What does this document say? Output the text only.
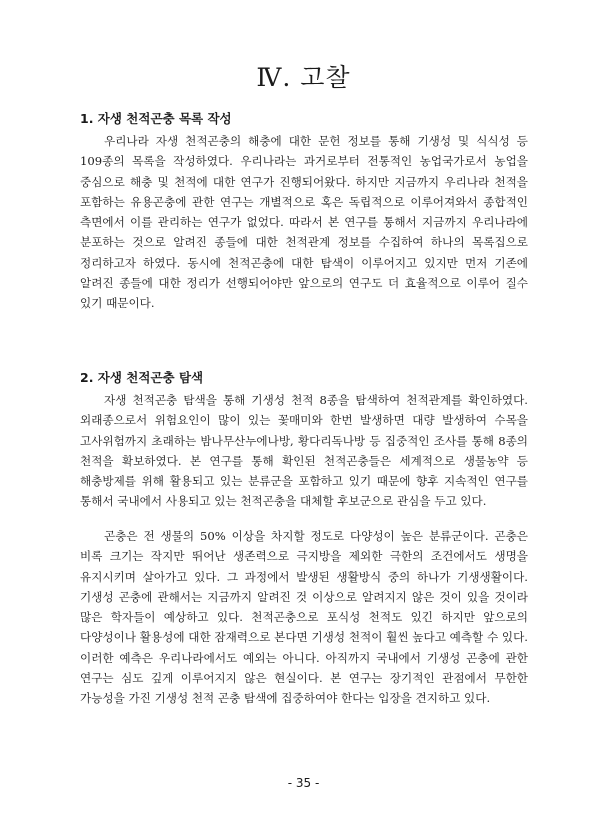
Ⅳ. 고찰
1. 자생 천적곤충 목록 작성
우리나라 자생 천적곤충의 해충에 대한 문헌 정보를 통해 기생성 및 식식성 등 109종의 목록을 작성하였다. 우리나라는 과거로부터 전통적인 농업국가로서 농업을 중심으로 해충 및 천적에 대한 연구가 진행되어왔다. 하지만 지금까지 우리나라 천적을 포함하는 유용곤충에 관한 연구는 개별적으로 혹은 독립적으로 이루어져와서 종합적인 측면에서 이를 관리하는 연구가 없었다. 따라서 본 연구를 통해서 지금까지 우리나라에 분포하는 것으로 알려진 종들에 대한 천적관계 정보를 수집하여 하나의 목록집으로 정리하고자 하였다. 동시에 천적곤충에 대한 탐색이 이루어지고 있지만 먼저 기존에 알려진 종들에 대한 정리가 선행되어야만 앞으로의 연구도 더 효율적으로 이루어 질수 있기 때문이다.
2. 자생 천적곤충 탐색
자생 천적곤충 탐색을 통해 기생성 천적 8종을 탐색하여 천적관계를 확인하였다. 외래종으로서 위험요인이 많이 있는 꽃매미와 한번 발생하면 대량 발생하여 수목을 고사위험까지 초래하는 밤나무산누에나방, 황다리독나방 등 집중적인 조사를 통해 8종의 천적을 확보하였다. 본 연구를 통해 확인된 천적곤충들은 세계적으로 생물농약 등 해충방제를 위해 활용되고 있는 분류군을 포함하고 있기 때문에 향후 지속적인 연구를 통해서 국내에서 사용되고 있는 천적곤충을 대체할 후보군으로 관심을 두고 있다.
곤충은 전 생물의 50% 이상을 차지할 정도로 다양성이 높은 분류군이다. 곤충은 비록 크기는 작지만 뛰어난 생존력으로 극지방을 제외한 극한의 조건에서도 생명을 유지시키며 살아가고 있다. 그 과정에서 발생된 생활방식 중의 하나가 기생생활이다. 기생성 곤충에 관해서는 지금까지 알려진 것 이상으로 알려지지 않은 것이 있을 것이라 많은 학자들이 예상하고 있다. 천적곤충으로 포식성 천적도 있긴 하지만 앞으로의 다양성이나 활용성에 대한 잠재력으로 본다면 기생성 천적이 훨씬 높다고 예측할 수 있다. 이러한 예측은 우리나라에서도 예외는 아니다. 아직까지 국내에서 기생성 곤충에 관한 연구는 심도 깊게 이루어지지 않은 현실이다. 본 연구는 장기적인 관점에서 무한한 가능성을 가진 기생성 천적 곤충 탐색에 집중하여야 한다는 입장을 견지하고 있다.
- 35 -
